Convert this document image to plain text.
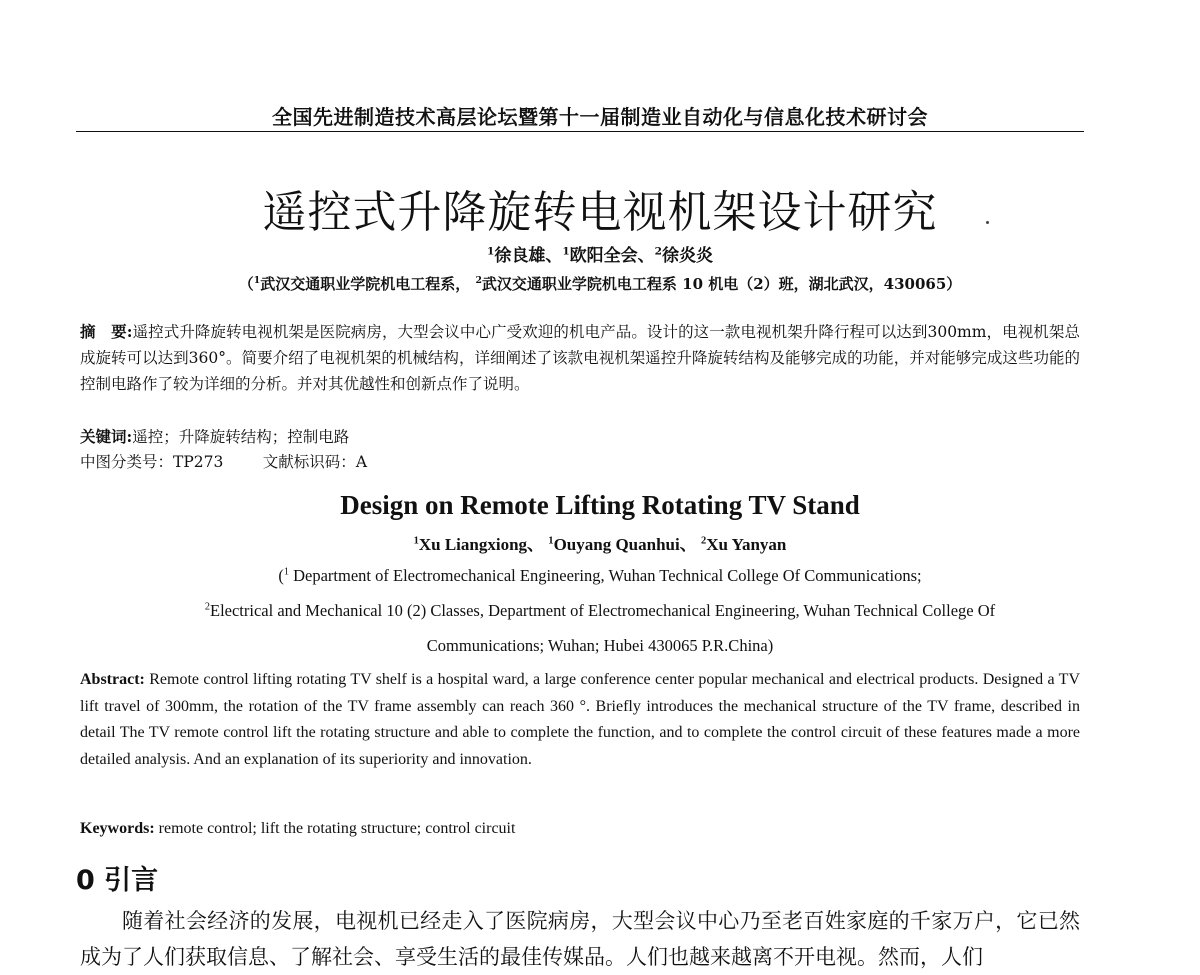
全国先进制造技术高层论坛暨第十一届制造业自动化与信息化技术研讨会
遥控式升降旋转电视机架设计研究
$^1$徐良雄、$^1$欧阳全会、$^2$徐炎炎
（$^1$武汉交通职业学院机电工程系， $^2$武汉交通职业学院机电工程系 10 机电（2）班，湖北武汉，430065）
摘　要:遥控式升降旋转电视机架是医院病房，大型会议中心广受欢迎的机电产品。设计的这一款电视机架升降行程可以达到300mm，电视机架总成旋转可以达到360°。简要介绍了电视机架的机械结构，详细阐述了该款电视机架遥控升降旋转结构及能够完成的功能，并对能够完成这些功能的控制电路作了较为详细的分析。并对其优越性和创新点作了说明。
关键词:遥控；升降旋转结构；控制电路
中图分类号：TP273	文献标识码：A
Design on Remote Lifting Rotating TV Stand
$^1$Xu Liangxiong、 $^1$Ouyang Quanhui、 $^2$Xu Yanyan
($^1$ Department of Electromechanical Engineering, Wuhan Technical College Of Communications;
$^2$Electrical and Mechanical 10 (2) Classes, Department of Electromechanical Engineering, Wuhan Technical College Of
Communications; Wuhan; Hubei 430065 P.R.China)
Abstract: Remote control lifting rotating TV shelf is a hospital ward, a large conference center popular mechanical and electrical products. Designed a TV lift travel of 300mm, the rotation of the TV frame assembly can reach 360 °. Briefly introduces the mechanical structure of the TV frame, described in detail The TV remote control lift the rotating structure and able to complete the function, and to complete the control circuit of these features made a more detailed analysis. And an explanation of its superiority and innovation.
Keywords: remote control; lift the rotating structure; control circuit
0 引言
随着社会经济的发展，电视机已经走入了医院病房，大型会议中心乃至老百姓家庭的千家万户，它已然成为了人们获取信息、了解社会、享受生活的最佳传媒品。人们也越来越离不开电视。然而，人们
